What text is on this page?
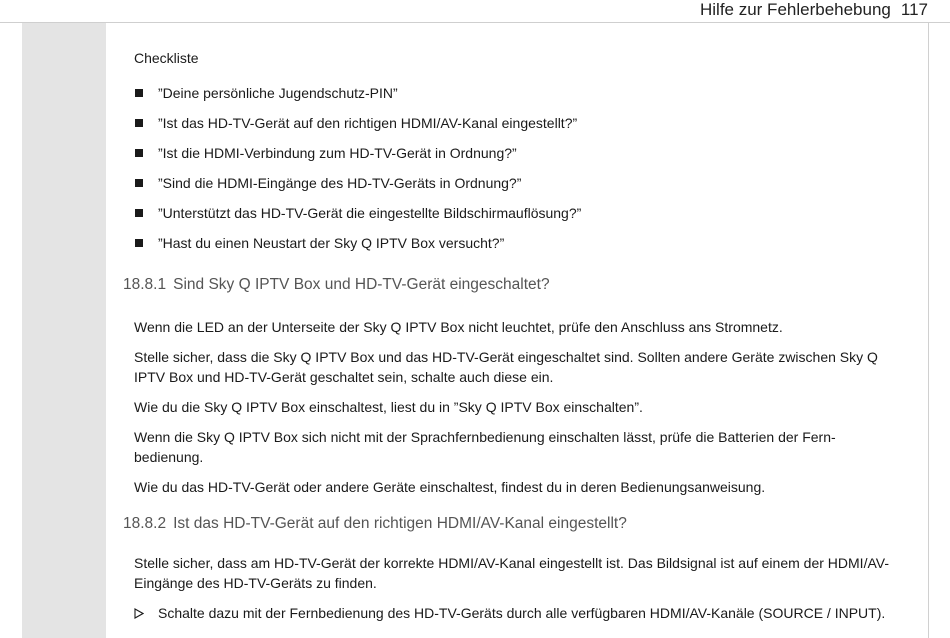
Hilfe zur Fehlerbehebung 117
Checkliste
”Deine persönliche Jugendschutz-PIN”
”Ist das HD-TV-Gerät auf den richtigen HDMI/AV-Kanal eingestellt?”
”Ist die HDMI-Verbindung zum HD-TV-Gerät in Ordnung?”
”Sind die HDMI-Eingänge des HD-TV-Geräts in Ordnung?”
”Unterstützt das HD-TV-Gerät die eingestellte Bildschirmauflösung?”
”Hast du einen Neustart der Sky Q IPTV Box versucht?”
18.8.1 Sind Sky Q IPTV Box und HD-TV-Gerät eingeschaltet?
Wenn die LED an der Unterseite der Sky Q IPTV Box nicht leuchtet, prüfe den Anschluss ans Stromnetz.
Stelle sicher, dass die Sky Q IPTV Box und das HD-TV-Gerät eingeschaltet sind. Sollten andere Geräte zwischen Sky Q IPTV Box und HD-TV-Gerät geschaltet sein, schalte auch diese ein.
Wie du die Sky Q IPTV Box einschaltest, liest du in ”Sky Q IPTV Box einschalten”.
Wenn die Sky Q IPTV Box sich nicht mit der Sprachfernbedienung einschalten lässt, prüfe die Batterien der Fern-bedienung.
Wie du das HD-TV-Gerät oder andere Geräte einschaltest, findest du in deren Bedienungsanweisung.
18.8.2 Ist das HD-TV-Gerät auf den richtigen HDMI/AV-Kanal eingestellt?
Stelle sicher, dass am HD-TV-Gerät der korrekte HDMI/AV-Kanal eingestellt ist. Das Bildsignal ist auf einem der HDMI/AV-Eingänge des HD-TV-Geräts zu finden.
Schalte dazu mit der Fernbedienung des HD-TV-Geräts durch alle verfügbaren HDMI/AV-Kanäle (SOURCE / INPUT).
